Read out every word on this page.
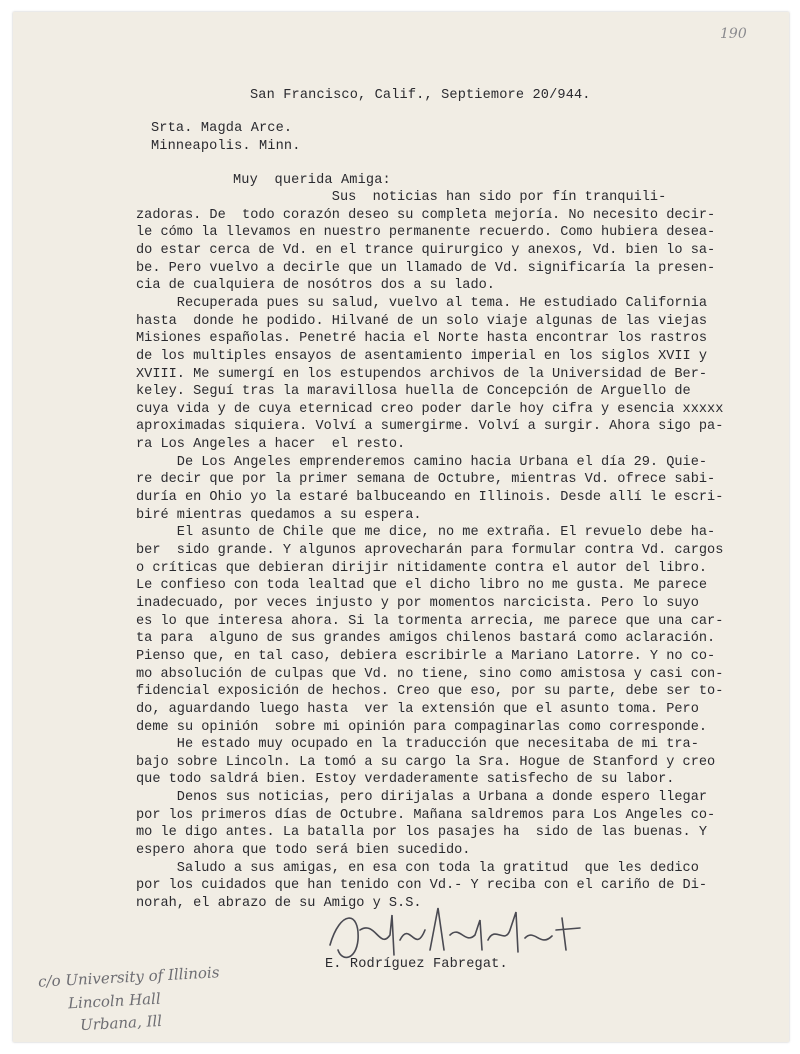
190
San Francisco, Calif., Septiemore 20/944.
Srta. Magda Arce.
Minneapolis. Minn.
Muy  querida Amiga:
Sus  noticias han sido por fín tranquili-
zadoras. De  todo corazón deseo su completa mejoría. No necesito decir-
le cómo la llevamos en nuestro permanente recuerdo. Como hubiera desea-
do estar cerca de Vd. en el trance quirurgico y anexos, Vd. bien lo sa-
be. Pero vuelvo a decirle que un llamado de Vd. significaría la presen-
cia de cualquiera de nosótros dos a su lado.
Recuperada pues su salud, vuelvo al tema. He estudiado California
hasta  donde he podido. Hilvané de un solo viaje algunas de las viejas
Misiones españolas. Penetré hacia el Norte hasta encontrar los rastros
de los multiples ensayos de asentamiento imperial en los siglos XVII y
XVIII. Me sumergí en los estupendos archivos de la Universidad de Ber-
keley. Seguí tras la maravillosa huella de Concepción de Arguello de
cuya vida y de cuya eternicad creo poder darle hoy cifra y esencia xxxxx
aproximadas siquiera. Volví a sumergirme. Volví a surgir. Ahora sigo pa-
ra Los Angeles a hacer  el resto.
De Los Angeles emprenderemos camino hacia Urbana el día 29. Quie-
re decir que por la primer semana de Octubre, mientras Vd. ofrece sabi-
duría en Ohio yo la estaré balbuceando en Illinois. Desde allí le escri-
biré mientras quedamos a su espera.
El asunto de Chile que me dice, no me extraña. El revuelo debe ha-
ber  sido grande. Y algunos aprovecharán para formular contra Vd. cargos
o críticas que debieran dirijir nitidamente contra el autor del libro.
Le confieso con toda lealtad que el dicho libro no me gusta. Me parece
inadecuado, por veces injusto y por momentos narcicista. Pero lo suyo
es lo que interesa ahora. Si la tormenta arrecia, me parece que una car-
ta para  alguno de sus grandes amigos chilenos bastará como aclaración.
Pienso que, en tal caso, debiera escribirle a Mariano Latorre. Y no co-
mo absolución de culpas que Vd. no tiene, sino como amistosa y casi con-
fidencial exposición de hechos. Creo que eso, por su parte, debe ser to-
do, aguardando luego hasta  ver la extensión que el asunto toma. Pero
deme su opinión  sobre mi opinión para compaginarlas como corresponde.
He estado muy ocupado en la traducción que necesitaba de mi tra-
bajo sobre Lincoln. La tomó a su cargo la Sra. Hogue de Stanford y creo
que todo saldrá bien. Estoy verdaderamente satisfecho de su labor.
Denos sus noticias, pero dirijalas a Urbana a donde espero llegar
por los primeros días de Octubre. Mañana saldremos para Los Angeles co-
mo le digo antes. La batalla por los pasajes ha  sido de las buenas. Y
espero ahora que todo será bien sucedido.
Saludo a sus amigas, en esa con toda la gratitud  que les dedico
por los cuidados que han tenido con Vd.- Y reciba con el cariño de Di-
norah, el abrazo de su Amigo y S.S.
E. Rodríguez Fabregat.
c/o University of Illinois
Lincoln Hall
Urbana, Ill
